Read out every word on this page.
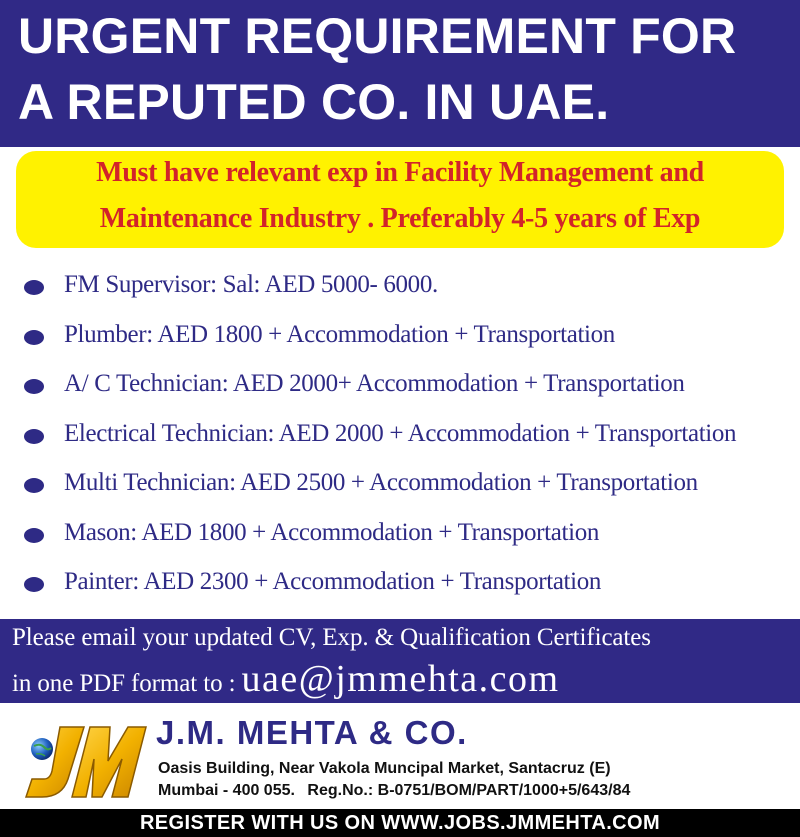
URGENT REQUIREMENT FOR
A REPUTED CO. IN UAE.
Must have relevant exp in Facility Management and
Maintenance Industry . Preferably 4-5 years of Exp
FM Supervisor: Sal: AED 5000- 6000.
Plumber: AED 1800 + Accommodation + Transportation
A/ C Technician: AED 2000+ Accommodation + Transportation
Electrical Technician: AED 2000 + Accommodation + Transportation
Multi Technician: AED 2500 + Accommodation + Transportation
Mason: AED 1800 + Accommodation + Transportation
Painter: AED 2300 + Accommodation + Transportation
Please email your updated CV, Exp. & Qualification Certificates
in one PDF format to : uae@jmmehta.com
J.M. MEHTA & CO.
Oasis Building, Near Vakola Muncipal Market, Santacruz (E)
Mumbai - 400 055. Reg.No.: B-0751/BOM/PART/1000+5/643/84
REGISTER WITH US ON WWW.JOBS.JMMEHTA.COM
